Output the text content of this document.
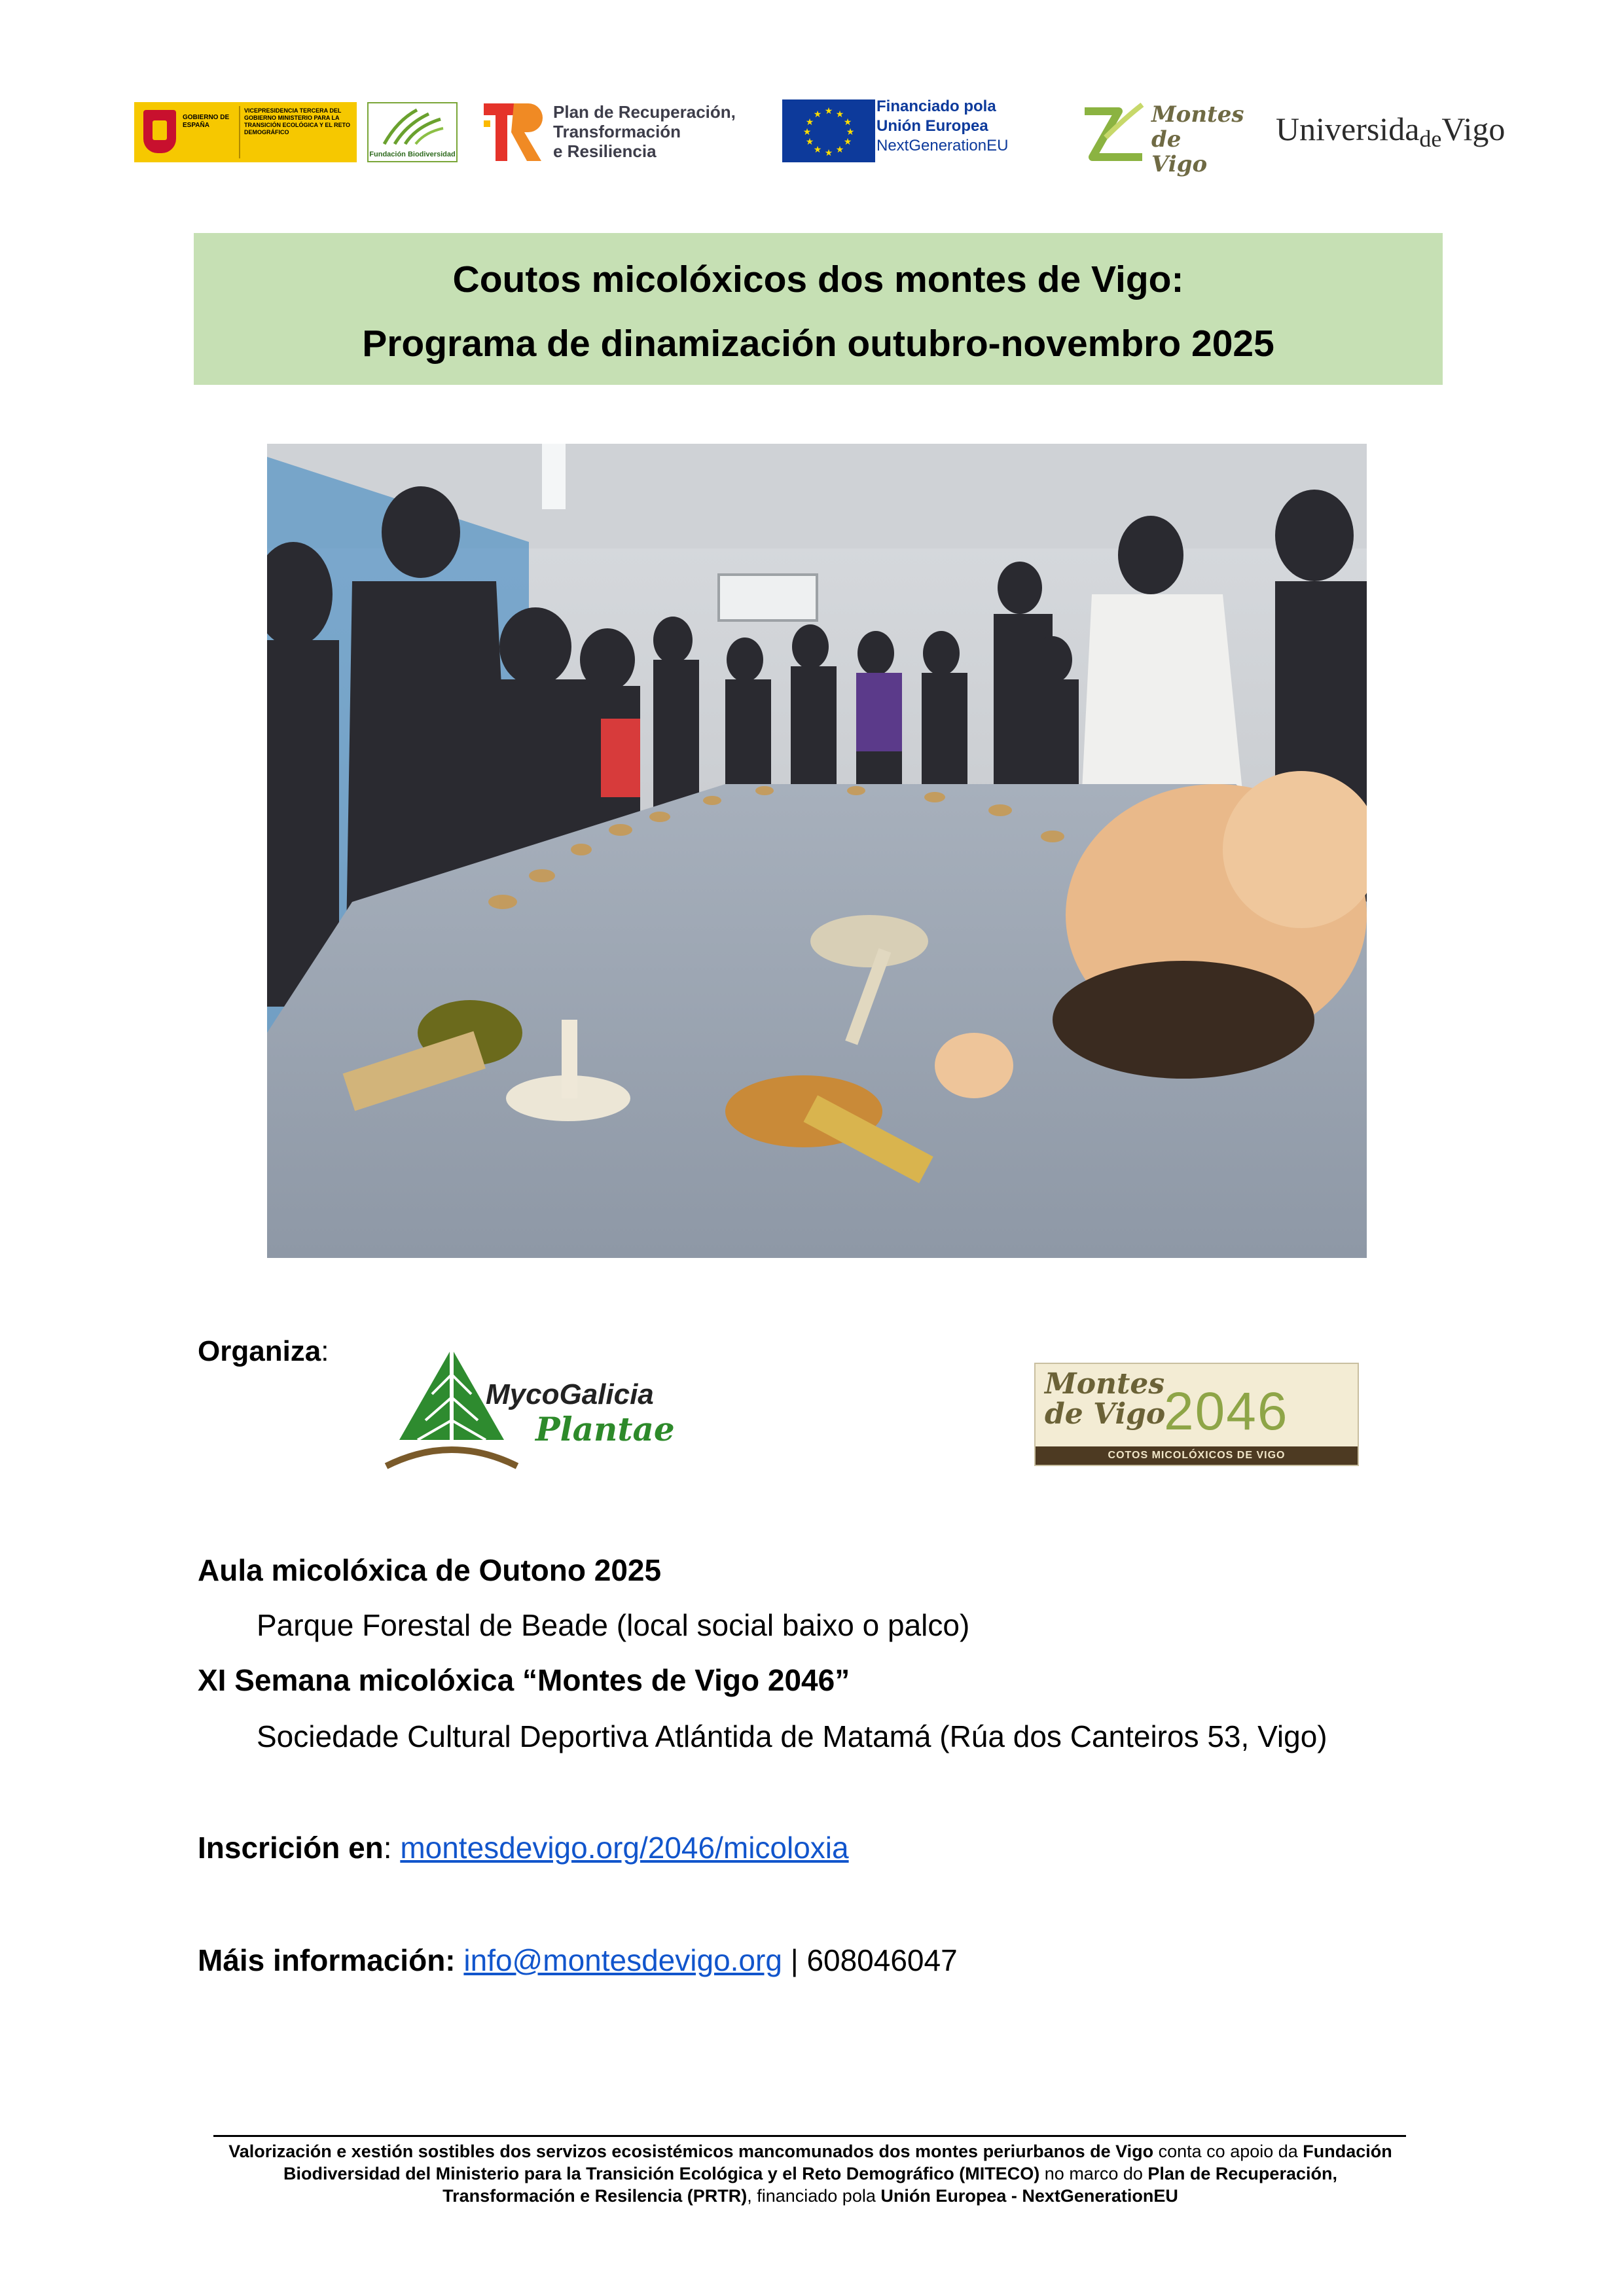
GOBIERNO DE ESPAÑA
VICEPRESIDENCIA TERCERA DEL GOBIERNO MINISTERIO PARA LA TRANSICIÓN ECOLÓGICA Y EL RETO DEMOGRÁFICO
Fundación Biodiversidad
Plan de Recuperación,
Transformación
e Resiliencia
★ ★
★
★
★
★
★
★
★
★
★
★	Financiado pola
Unión Europea
NextGenerationEU
Montes
de Vigo
Universida$_{de}$Vigo
Coutos micolóxicos dos montes de Vigo:
Programa de dinamización outubro-novembro 2025
Organiza:
MycoGalicia
Plantae
Montes
de Vigo
2046
COTOS MICOLÓXICOS DE VIGO
Aula micolóxica de Outono 2025
Parque Forestal de Beade (local social baixo o palco)
XI Semana micolóxica “Montes de Vigo 2046”
Sociedade Cultural Deportiva Atlántida de Matamá (Rúa dos Canteiros 53, Vigo)
Inscrición en: montesdevigo.org/2046/micoloxia
Máis información: info@montesdevigo.org | 608046047
Valorización e xestión sostibles dos servizos ecosistémicos mancomunados dos montes periurbanos de Vigo conta co apoio da Fundación Biodiversidad del Ministerio para la Transición Ecológica y el Reto Demográfico (MITECO) no marco do Plan de Recuperación, Transformación e Resilencia (PRTR), financiado pola Unión Europea - NextGenerationEU
